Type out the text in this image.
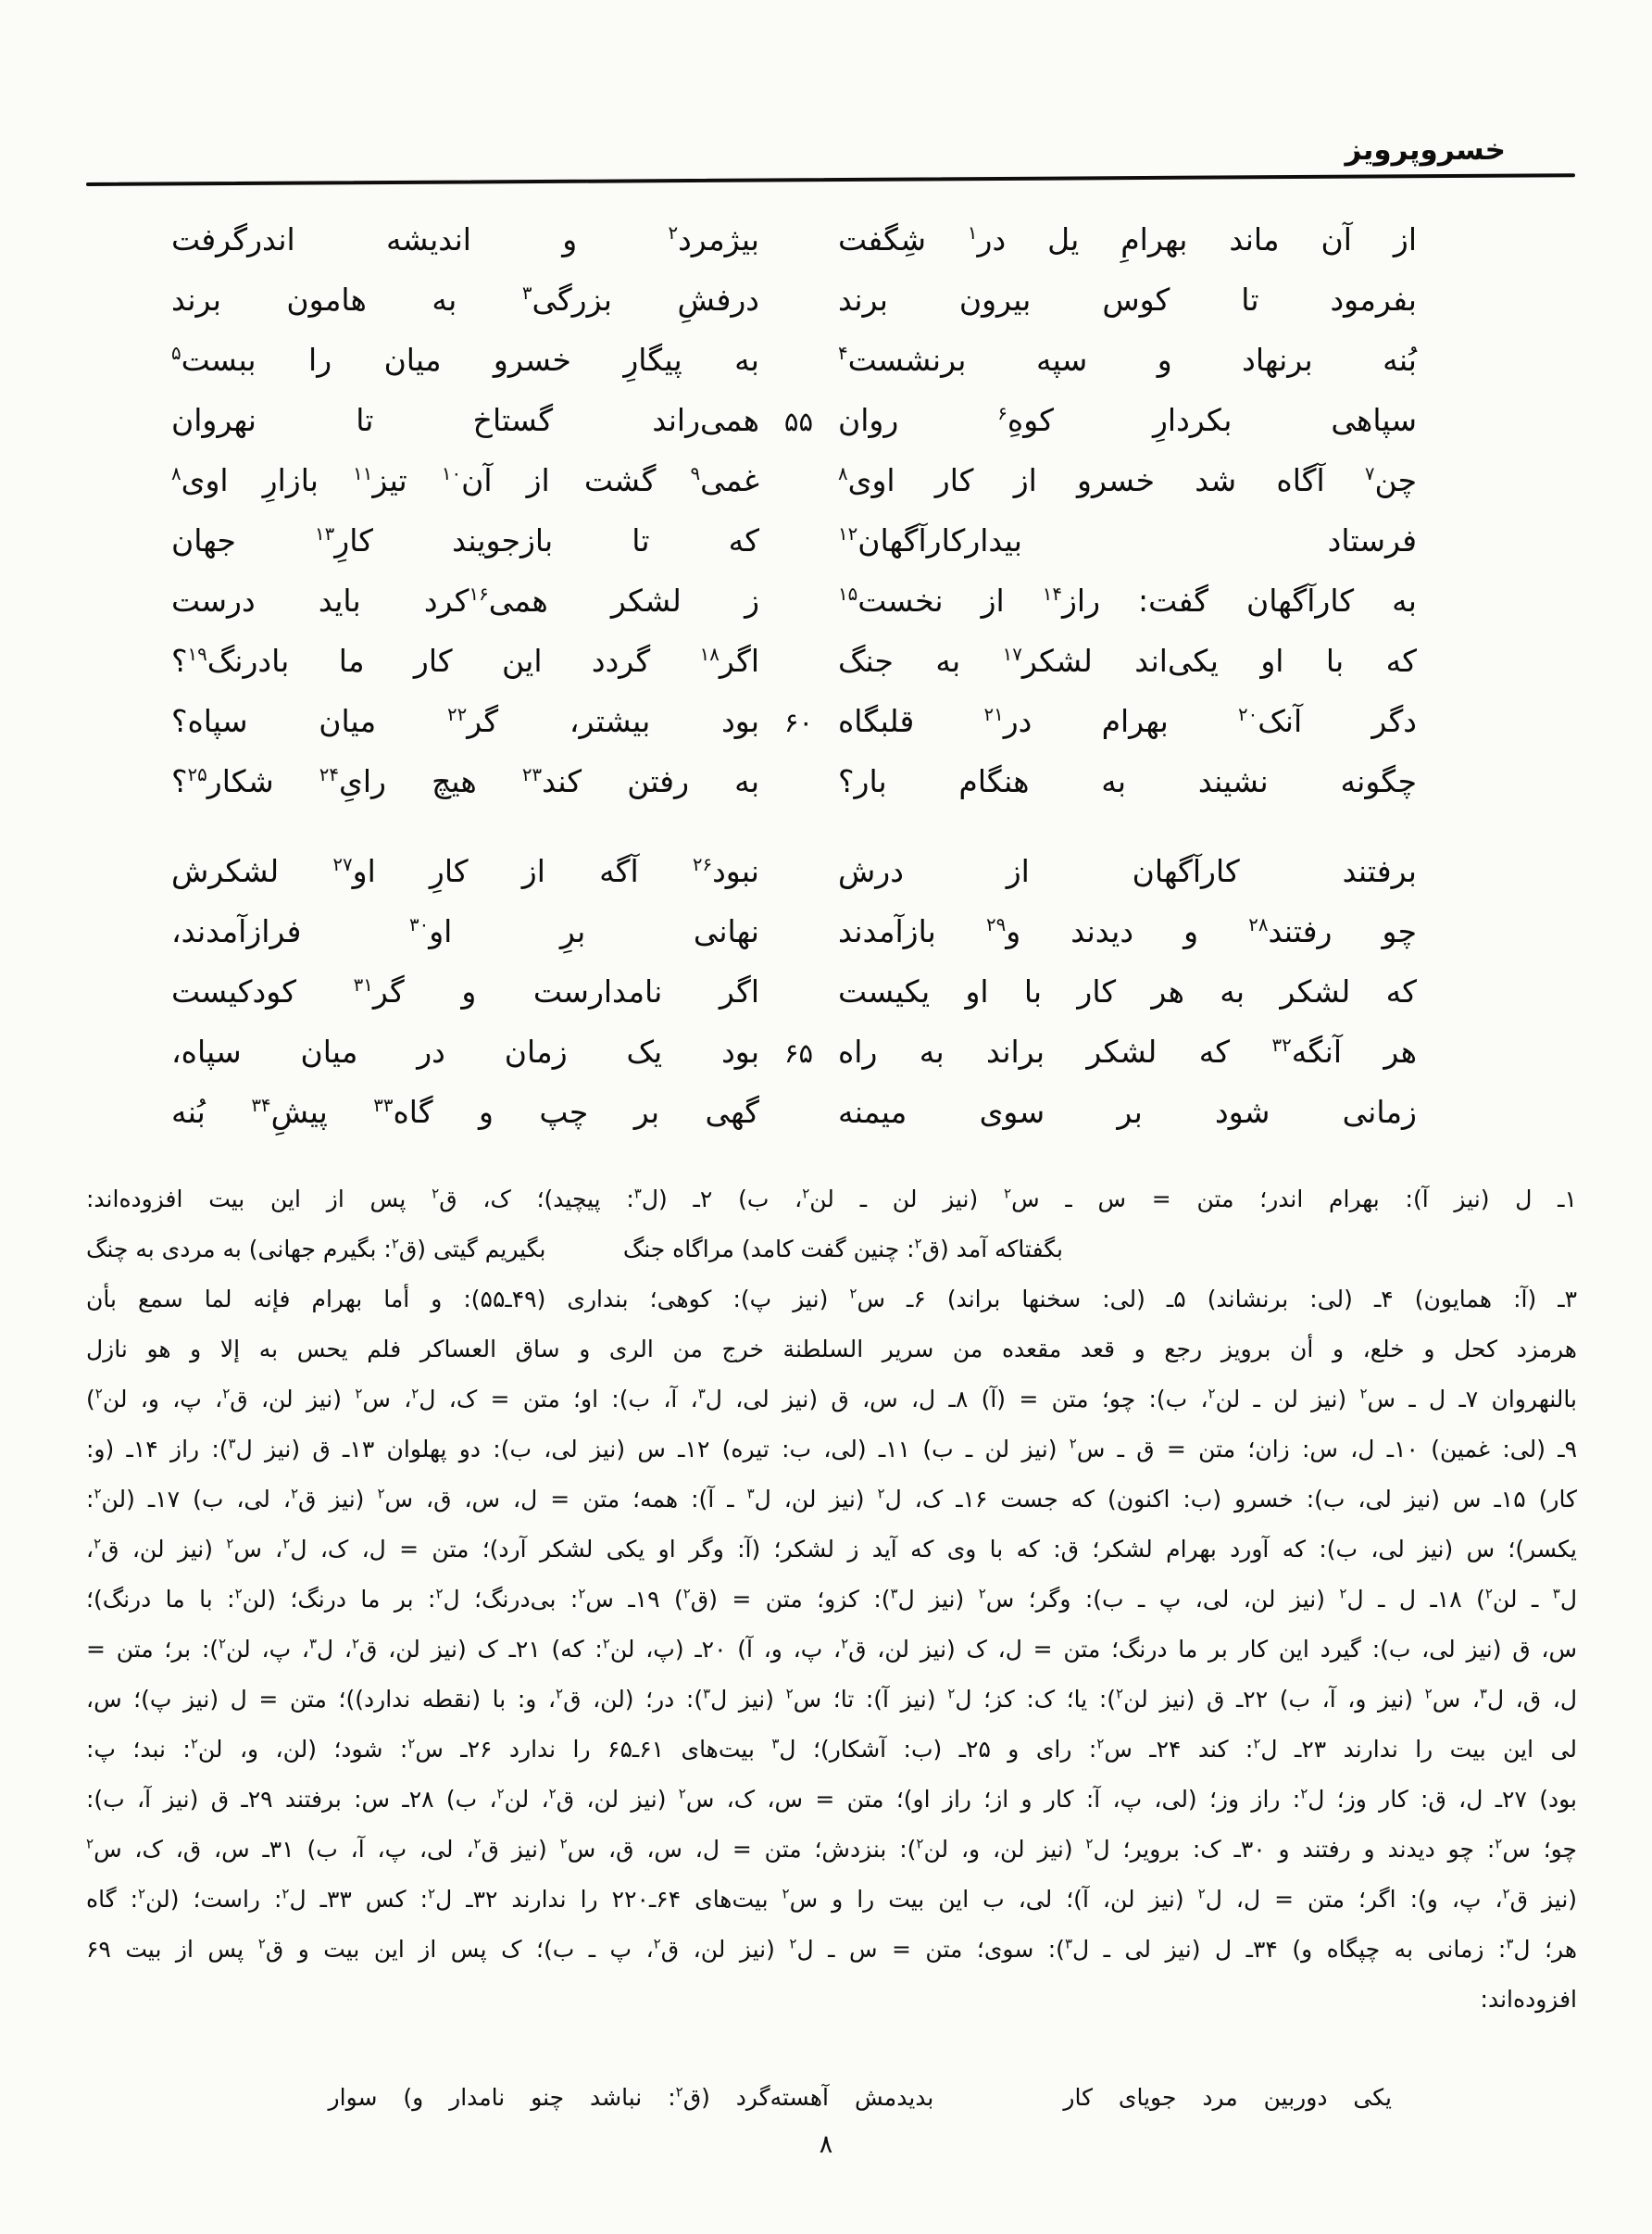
خسروپرویز
از آن ماند بهرامِ یل در$^۱$ شِگفت
بیژمرد$^۲$ و اندیشه اندرگرفت
بفرمود تا کوس بیرون برند
درفشِ بزرگی$^۳$ به هامون برند
بُنه برنهاد و سپه برنشست$^۴$
به پیگارِ خسرو میان را ببست$^۵$
سپاهی بکردارِ کوهِ$^۶$ روان
۵۵
همی‌راند گستاخ تا نهروان
چن$^۷$ آگاه شد خسرو از کار اوی$^۸$
غمی$^۹$ گشت از آن$^{۱۰}$ تیز$^{۱۱}$ بازارِ اوی$^۸$
فرستاد بیدارکارآگهان$^{۱۲}$
که تا بازجویند کارِ$^{۱۳}$ جهان
به کارآگهان گفت: راز$^{۱۴}$ از نخست$^{۱۵}$
ز لشکر همی$^{۱۶}$کرد باید درست
که با او یکی‌اند لشکر$^{۱۷}$ به جنگ
اگر$^{۱۸}$ گردد این کار ما بادرنگ$^{۱۹}$؟
دگر آنک$^{۲۰}$ بهرام در$^{۲۱}$ قلبگاه
۶۰
بود بیشتر، گر$^{۲۲}$ میان سپاه؟
چگونه نشیند به هنگام بار؟
به رفتن کند$^{۲۳}$ هیچ رایِ$^{۲۴}$ شکار$^{۲۵}$؟
برفتند کارآگهان از درش
نبود$^{۲۶}$ آگه از کارِ او$^{۲۷}$ لشکرش
چو رفتند$^{۲۸}$ و دیدند و$^{۲۹}$ بازآمدند
نهانی برِ او$^{۳۰}$ فرازآمدند،
که لشکر به هر کار با او یکیست
اگر نامدارست و گر$^{۳۱}$ کودکیست
هر آنگه$^{۳۲}$ که لشکر براند به راه
۶۵
بود یک زمان در میان سپاه،
زمانی شود بر سوی میمنه
گهی بر چپ و گاه$^{۳۳}$ پیشِ$^{۳۴}$ بُنه
۱ـ ل (نیز آ): بهرام اندر؛ متن = س ـ س$^۲$ (نیز لن ـ لن$^۲$، ب) ۲ـ (ل$^۳$: پیچید)؛ ک، ق$^۲$ پس از این بیت افزوده‌اند:
بگفتاکه آمد (ق$^۲$: چنین گفت کامد) مراگاه جنگ
بگیریم گیتی (ق$^۲$: بگیرم جهانی) به مردی به چنگ
۳ـ (آ: همایون) ۴ـ (لی: برنشاند) ۵ـ (لی: سخنها براند) ۶ـ س$^۲$ (نیز پ): کوهی؛ بنداری (۴۹ـ۵۵): و أما بهرام فإنه لما سمع بأن
هرمزد کحل و خلع، و أن برویز رجع و قعد مقعده من سریر السلطنة خرج من الری و ساق العساکر فلم یحس به إلا و هو نازل
بالنهروان ۷ـ ل ـ س$^۲$ (نیز لن ـ لن$^۲$، ب): چو؛ متن = (آ) ۸ـ ل، س، ق (نیز لی، ل$^۳$، آ، ب): او؛ متن = ک، ل$^۲$، س$^۲$ (نیز لن، ق$^۲$، پ، و، لن$^۲$)
۹ـ (لی: غمین) ۱۰ـ ل، س: زان؛ متن = ق ـ س$^۲$ (نیز لن ـ ب) ۱۱ـ (لی، ب: تیره) ۱۲ـ س (نیز لی، ب): دو پهلوان ۱۳ـ ق (نیز ل$^۳$): راز ۱۴ـ (و:
کار) ۱۵ـ س (نیز لی، ب): خسرو (ب: اکنون) که جست ۱۶ـ ک، ل$^۲$ (نیز لن، ل$^۳$ ـ آ): همه؛ متن = ل، س، ق، س$^۲$ (نیز ق$^۲$، لی، ب) ۱۷ـ (لن$^۲$:
یکسر)؛ س (نیز لی، ب): که آورد بهرام لشکر؛ ق: که با وی که آید ز لشکر؛ (آ: وگر او یکی لشکر آرد)؛ متن = ل، ک، ل$^۲$، س$^۲$ (نیز لن، ق$^۲$،
ل$^۳$ ـ لن$^۲$) ۱۸ـ ل ـ ل$^۲$ (نیز لن، لی، پ ـ ب): وگر؛ س$^۲$ (نیز ل$^۳$): کزو؛ متن = (ق$^۲$) ۱۹ـ س$^۲$: بی‌درنگ؛ ل$^۲$: بر ما درنگ؛ (لن$^۲$: با ما درنگ)؛
س، ق (نیز لی، ب): گیرد این کار بر ما درنگ؛ متن = ل، ک (نیز لن، ق$^۲$، پ، و، آ) ۲۰ـ (پ، لن$^۲$: که) ۲۱ـ ک (نیز لن، ق$^۲$، ل$^۳$، پ، لن$^۲$): بر؛ متن =
ل، ق، ل$^۳$، س$^۲$ (نیز و، آ، ب) ۲۲ـ ق (نیز لن$^۲$): یا؛ ک: کز؛ ل$^۲$ (نیز آ): تا؛ س$^۲$ (نیز ل$^۳$): در؛ (لن، ق$^۲$، و: با (نقطه ندارد))؛ متن = ل (نیز پ)؛ س،
لی این بیت را ندارند ۲۳ـ ل$^۲$: کند ۲۴ـ س$^۲$: رای و ۲۵ـ (ب: آشکار)؛ ل$^۳$ بیت‌های ۶۱ـ۶۵ را ندارد ۲۶ـ س$^۲$: شود؛ (لن، و، لن$^۲$: نبد؛ پ:
بود) ۲۷ـ ل، ق: کار وز؛ ل$^۲$: راز وز؛ (لی، پ، آ: کار و از؛ راز او)؛ متن = س، ک، س$^۲$ (نیز لن، ق$^۲$، لن$^۲$، ب) ۲۸ـ س: برفتند ۲۹ـ ق (نیز آ، ب):
چو؛ س$^۲$: چو دیدند و رفتند و ۳۰ـ ک: برویر؛ ل$^۲$ (نیز لن، و، لن$^۲$): بنزدش؛ متن = ل، س، ق، س$^۲$ (نیز ق$^۲$، لی، پ، آ، ب) ۳۱ـ س، ق، ک، س$^۲$
(نیز ق$^۲$، پ، و): اگر؛ متن = ل، ل$^۲$ (نیز لن، آ)؛ لی، ب این بیت را و س$^۲$ بیت‌های ۶۴ـ۲۲۰ را ندارند ۳۲ـ ل$^۲$: کس ۳۳ـ ل$^۲$: راست؛ (لن$^۲$: گاه
هر؛ ل$^۳$: زمانی به چپگاه و) ۳۴ـ ل (نیز لی ـ ل$^۳$): سوی؛ متن = س ـ ل$^۲$ (نیز لن، ق$^۲$، پ ـ ب)؛ ک پس از این بیت و ق$^۲$ پس از بیت ۶۹
افزوده‌اند:
یکی دوربین مرد جویای کار
بدیدمش آهسته‌گرد (ق$^۲$: نباشد چنو نامدار و) سوار
۸
